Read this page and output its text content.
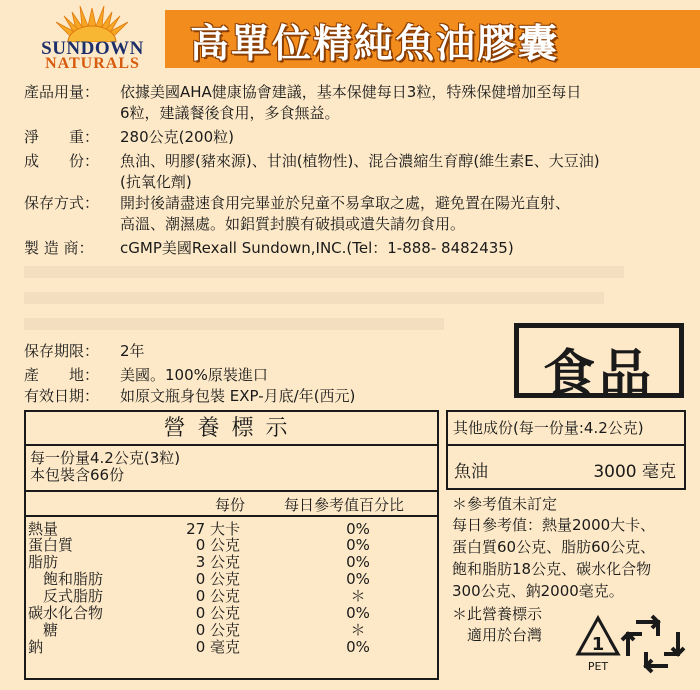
SUNDOWN
NATURALS	高單位精純魚油膠囊
產品用量：	依據美國AHA健康協會建議，基本保健每日3粒，特殊保健增加至每日
6粒，建議餐後食用，多食無益。
淨　　重：	280公克(200粒)
成　　份：	魚油、明膠(豬來源)、甘油(植物性)、混合濃縮生育醇(維生素E、大豆油)
(抗氧化劑)
保存方式：	開封後請盡速食用完畢並於兒童不易拿取之處，避免置在陽光直射、
高溫、潮濕處。如鋁質封膜有破損或遺失請勿食用。
製 造 商：	cGMP美國Rexall Sundown,INC.(Tel：1-888- 8482435)
保存期限：	2年
產　　地：	美國。100%原裝進口
有效日期：	如原文瓶身包裝 EXP-月底/年(西元)	食品
營養標示
每一份量4.2公克(3粒)
本包裝含66份
每份	每日參考值百分比
熱量	27 大卡	0%
蛋白質	0 公克	0%
脂肪	3 公克	0%
　飽和脂肪	0 公克	0%
　反式脂肪	0 公克	＊
碳水化合物	0 公克	0%
　糖	0 公克	＊
鈉	0 毫克	0%
其他成份(每一份量:4.2公克)
魚油	3000 毫克
＊參考值未訂定
每日參考值：熱量2000大卡、
蛋白質60公克、脂肪60公克、
飽和脂肪18公克、碳水化合物
300公克、鈉2000毫克。
＊此營養標示
　適用於台灣	1
PET
